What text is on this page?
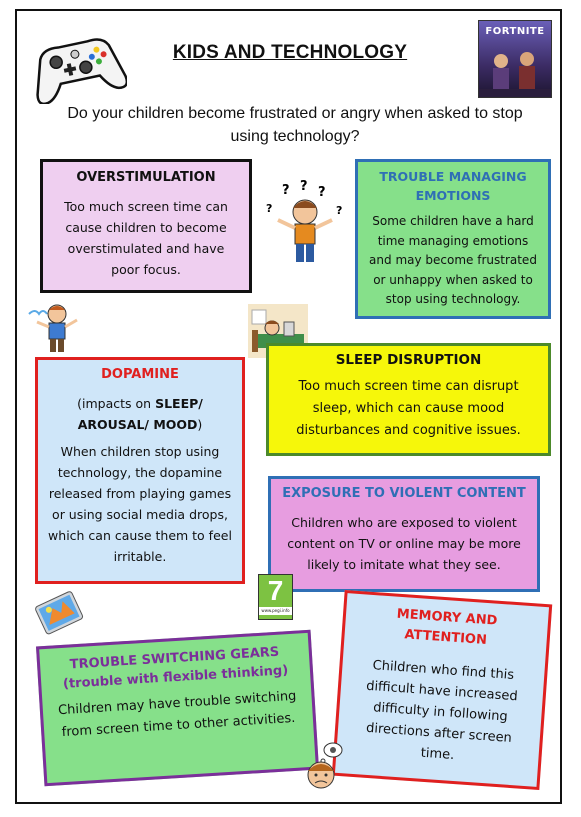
KIDS AND TECHNOLOGY
FORTNITE
Do your children become frustrated or angry when asked to stop using technology?
OVERSTIMULATION

Too much screen time can cause children to become overstimulated and have poor focus.

? ? ?
?	?
TROUBLE MANAGING EMOTIONS

Some children have a hard time managing emotions and may become frustrated or unhappy when asked to stop using technology.

SLEEP DISRUPTION

Too much screen time can disrupt sleep, which can cause mood disturbances and cognitive issues.

DOPAMINE

(impacts on SLEEP/ AROUSAL/ MOOD)

When children stop using technology, the dopamine released from playing games or using social media drops, which can cause them to feel irritable.

EXPOSURE TO VIOLENT CONTENT

Children who are exposed to violent content on TV or online may be more likely to imitate what they see.

7
www.pegi.info
TROUBLE SWITCHING GEARS (trouble with flexible thinking)

Children may have trouble switching from screen time to other activities.

MEMORY AND ATTENTION

Children who find this difficult have increased difficulty in following directions after screen time.
